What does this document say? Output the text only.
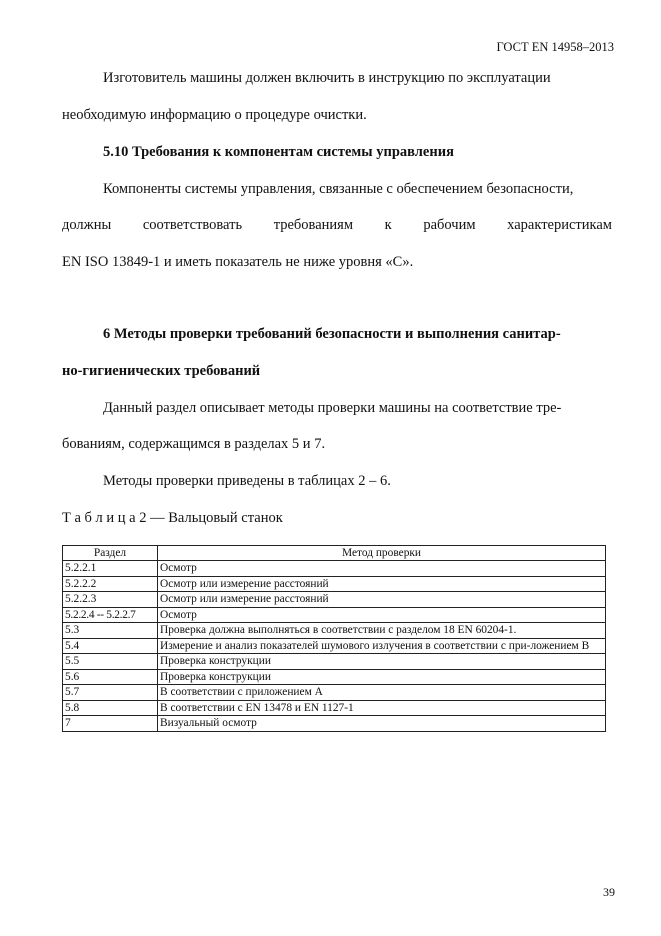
ГОСТ EN 14958–2013
Изготовитель машины должен включить в инструкцию по эксплуатации
необходимую информацию о процедуре очистки.
5.10 Требования к компонентам системы управления
Компоненты системы управления, связанные с обеспечением безопасности,
должны соответствовать требованиям к рабочим характеристикам
EN ISO 13849-1 и иметь показатель не ниже уровня «С».
6 Методы проверки требований безопасности и выполнения санитар-
но-гигиенических требований
Данный раздел описывает методы проверки машины на соответствие тре-
бованиям, содержащимся в разделах 5 и 7.
Методы проверки приведены в таблицах 2 – 6.
Т а б л и ц а 2 — Вальцовый станок
Раздел	Метод проверки
5.2.2.1	Осмотр
5.2.2.2	Осмотр или измерение расстояний
5.2.2.3	Осмотр или измерение расстояний
5.2.2.4 -- 5.2.2.7	Осмотр
5.3	Проверка должна выполняться в соответствии с разделом 18 EN 60204-1.
5.4	Измерение и анализ показателей шумового излучения в соответствии с при-ложением В
5.5	Проверка конструкции
5.6	Проверка конструкции
5.7	В соответствии с приложением А
5.8	В соответствии с EN 13478 и EN 1127-1
7	Визуальный осмотр
39
